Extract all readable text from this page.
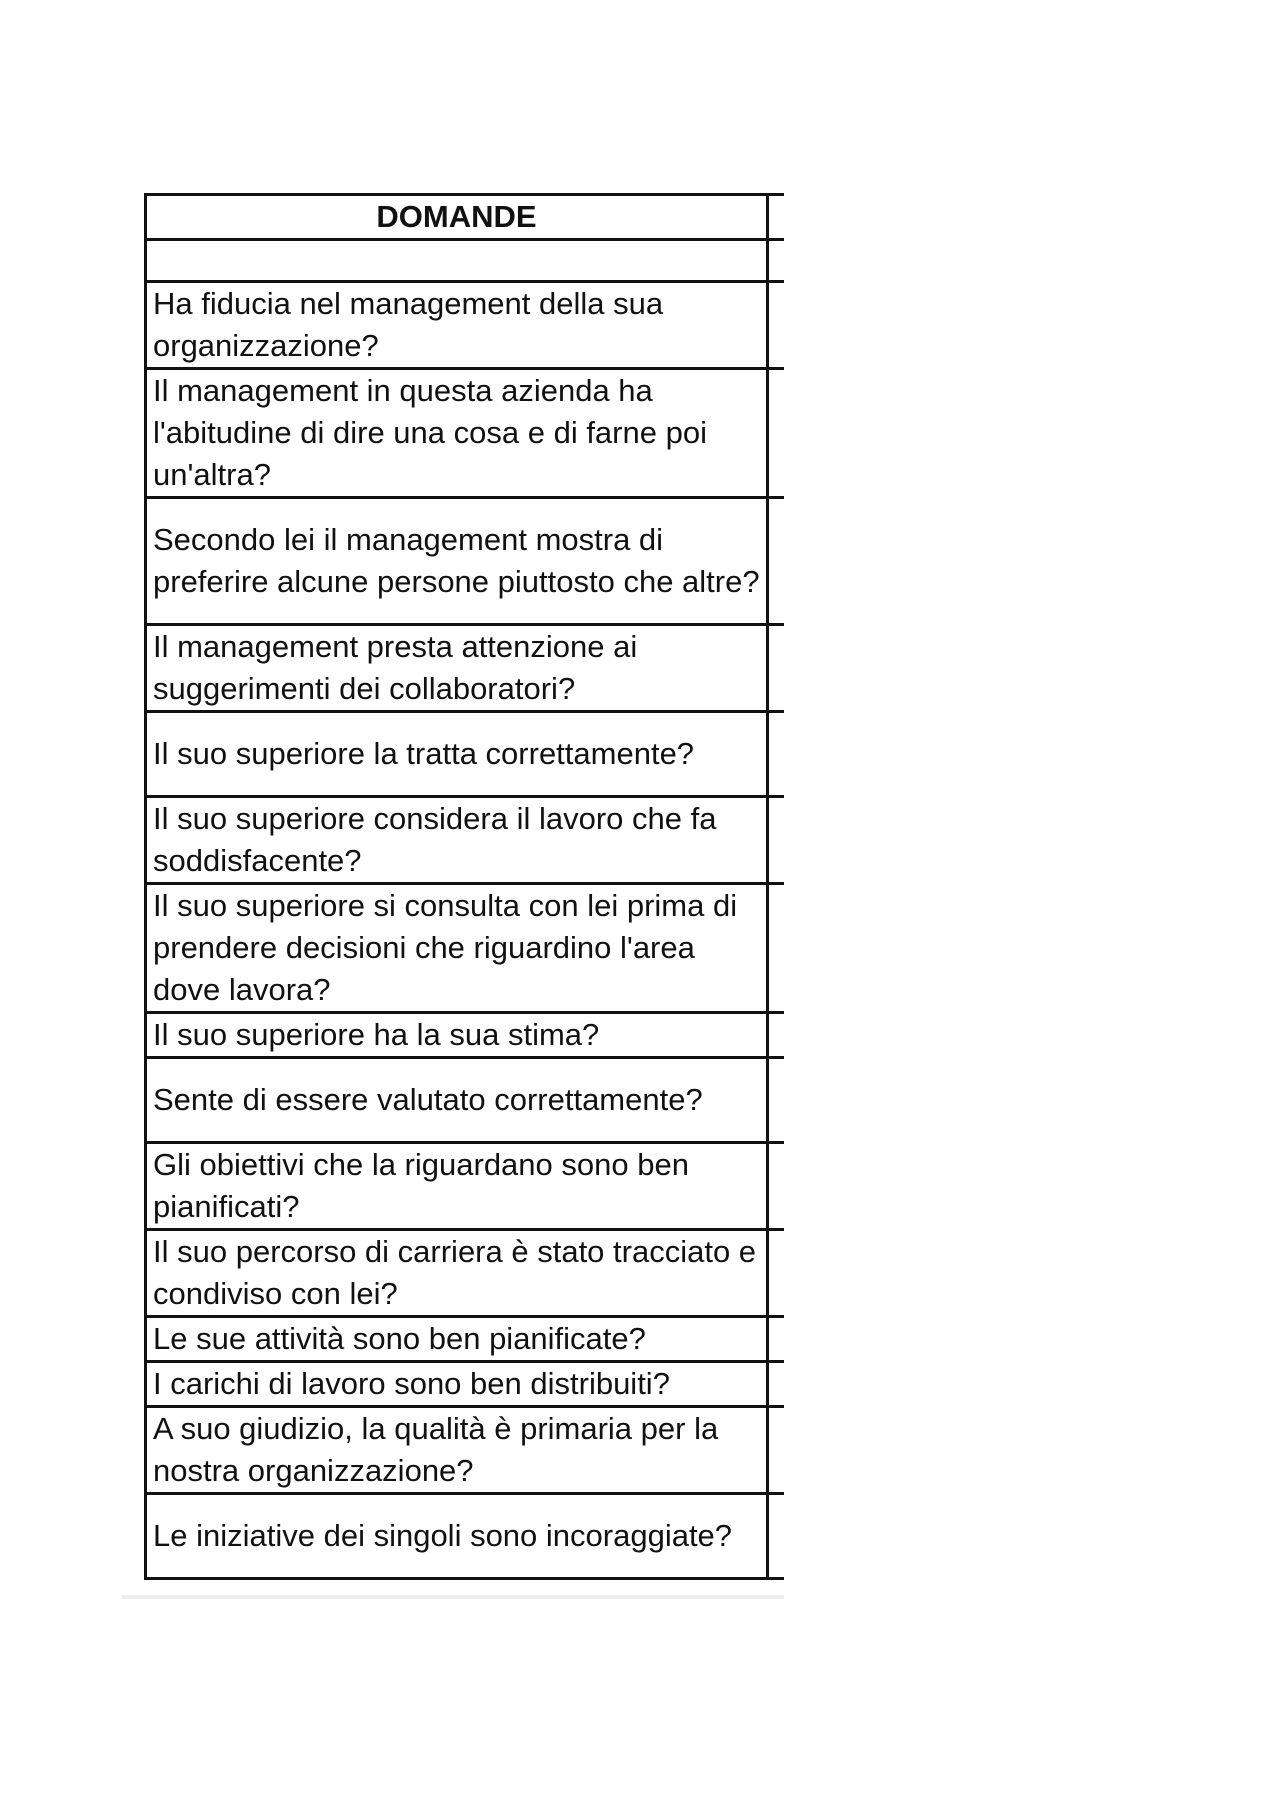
DOMANDE	

Ha fiducia nel management della sua organizzazione?	
Il management in questa azienda ha l'abitudine di dire una cosa e di farne poi un'altra?	
Secondo lei il management mostra di preferire alcune persone piuttosto che altre?	
Il management presta attenzione ai suggerimenti dei collaboratori?	
Il suo superiore la tratta correttamente?	
Il suo superiore considera il lavoro che fa soddisfacente?	
Il suo superiore si consulta con lei prima di prendere decisioni che riguardino l'area dove lavora?	
Il suo superiore ha la sua stima?	
Sente di essere valutato correttamente?	
Gli obiettivi che la riguardano sono ben pianificati?	
Il suo percorso di carriera è stato tracciato e condiviso con lei?	
Le sue attività sono ben pianificate?	
I carichi di lavoro sono ben distribuiti?	
A suo giudizio, la qualità è primaria per la nostra organizzazione?	
Le iniziative dei singoli sono incoraggiate?	
